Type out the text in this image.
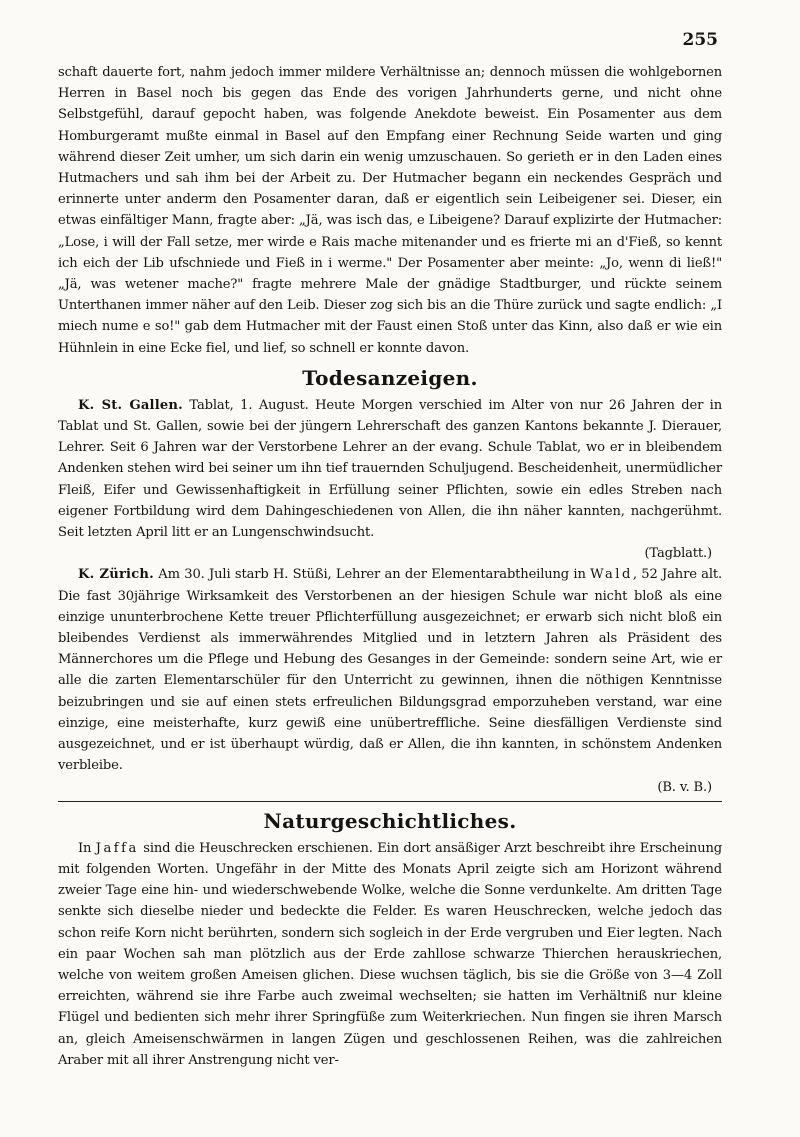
255

schaft dauerte fort, nahm jedoch immer mildere Verhältnisse an; dennoch müssen die wohlgebornen Herren in Basel noch bis gegen das Ende des vorigen Jahrhunderts gerne, und nicht ohne Selbstgefühl, darauf gepocht haben, was folgende Anekdote beweist. Ein Posamenter aus dem Homburgeramt mußte einmal in Basel auf den Empfang einer Rechnung Seide warten und ging während dieser Zeit umher, um sich darin ein wenig umzuschauen. So gerieth er in den Laden eines Hutmachers und sah ihm bei der Arbeit zu. Der Hutmacher begann ein neckendes Gespräch und erinnerte unter anderm den Posamenter daran, daß er eigentlich sein Leibeigener sei. Dieser, ein etwas einfältiger Mann, fragte aber: „Jä, was isch das, e Libeigene? Darauf explizirte der Hutmacher: „Lose, i will der Fall setze, mer wirde e Rais mache mitenander und es frierte mi an d'Fieß, so kennt ich eich der Lib ufschniede und Fieß in i werme." Der Posamenter aber meinte: „Jo, wenn di ließ!" „Jä, was wetener mache?" fragte mehrere Male der gnädige Stadtburger, und rückte seinem Unterthanen immer näher auf den Leib. Dieser zog sich bis an die Thüre zurück und sagte endlich: „I miech nume e so!" gab dem Hutmacher mit der Faust einen Stoß unter das Kinn, also daß er wie ein Hühnlein in eine Ecke fiel, und lief, so schnell er konnte davon.

Todesanzeigen.

K. St. Gallen. Tablat, 1. August. Heute Morgen verschied im Alter von nur 26 Jahren der in Tablat und St. Gallen, sowie bei der jüngern Lehrerschaft des ganzen Kantons bekannte J. Dierauer, Lehrer. Seit 6 Jahren war der Verstorbene Lehrer an der evang. Schule Tablat, wo er in bleibendem Andenken stehen wird bei seiner um ihn tief trauernden Schuljugend. Bescheidenheit, unermüdlicher Fleiß, Eifer und Gewissenhaftigkeit in Erfüllung seiner Pflichten, sowie ein edles Streben nach eigener Fortbildung wird dem Dahingeschiedenen von Allen, die ihn näher kannten, nachgerühmt. Seit letzten April litt er an Lungenschwindsucht.
(Tagblatt.)

K. Zürich. Am 30. Juli starb H. Stüßi, Lehrer an der Elementarabtheilung in Wald, 52 Jahre alt. Die fast 30jährige Wirksamkeit des Verstorbenen an der hiesigen Schule war nicht bloß als eine einzige ununterbrochene Kette treuer Pflichterfüllung ausgezeichnet; er erwarb sich nicht bloß ein bleibendes Verdienst als immerwährendes Mitglied und in letztern Jahren als Präsident des Männerchores um die Pflege und Hebung des Gesanges in der Gemeinde: sondern seine Art, wie er alle die zarten Elementarschüler für den Unterricht zu gewinnen, ihnen die nöthigen Kenntnisse beizubringen und sie auf einen stets erfreulichen Bildungsgrad emporzuheben verstand, war eine einzige, eine meisterhafte, kurz gewiß eine unübertreffliche. Seine diesfälligen Verdienste sind ausgezeichnet, und er ist überhaupt würdig, daß er Allen, die ihn kannten, in schönstem Andenken verbleibe.
(B. v. B.)

Naturgeschichtliches.

In Jaffa sind die Heuschrecken erschienen. Ein dort ansäßiger Arzt beschreibt ihre Erscheinung mit folgenden Worten. Ungefähr in der Mitte des Monats April zeigte sich am Horizont während zweier Tage eine hin- und wiederschwebende Wolke, welche die Sonne verdunkelte. Am dritten Tage senkte sich dieselbe nieder und bedeckte die Felder. Es waren Heuschrecken, welche jedoch das schon reife Korn nicht berührten, sondern sich sogleich in der Erde vergruben und Eier legten. Nach ein paar Wochen sah man plötzlich aus der Erde zahllose schwarze Thierchen herauskriechen, welche von weitem großen Ameisen glichen. Diese wuchsen täglich, bis sie die Größe von 3—4 Zoll erreichten, während sie ihre Farbe auch zweimal wechselten; sie hatten im Verhältniß nur kleine Flügel und bedienten sich mehr ihrer Springfüße zum Weiterkriechen. Nun fingen sie ihren Marsch an, gleich Ameisenschwärmen in langen Zügen und geschlossenen Reihen, was die zahlreichen Araber mit all ihrer Anstrengung nicht ver-
